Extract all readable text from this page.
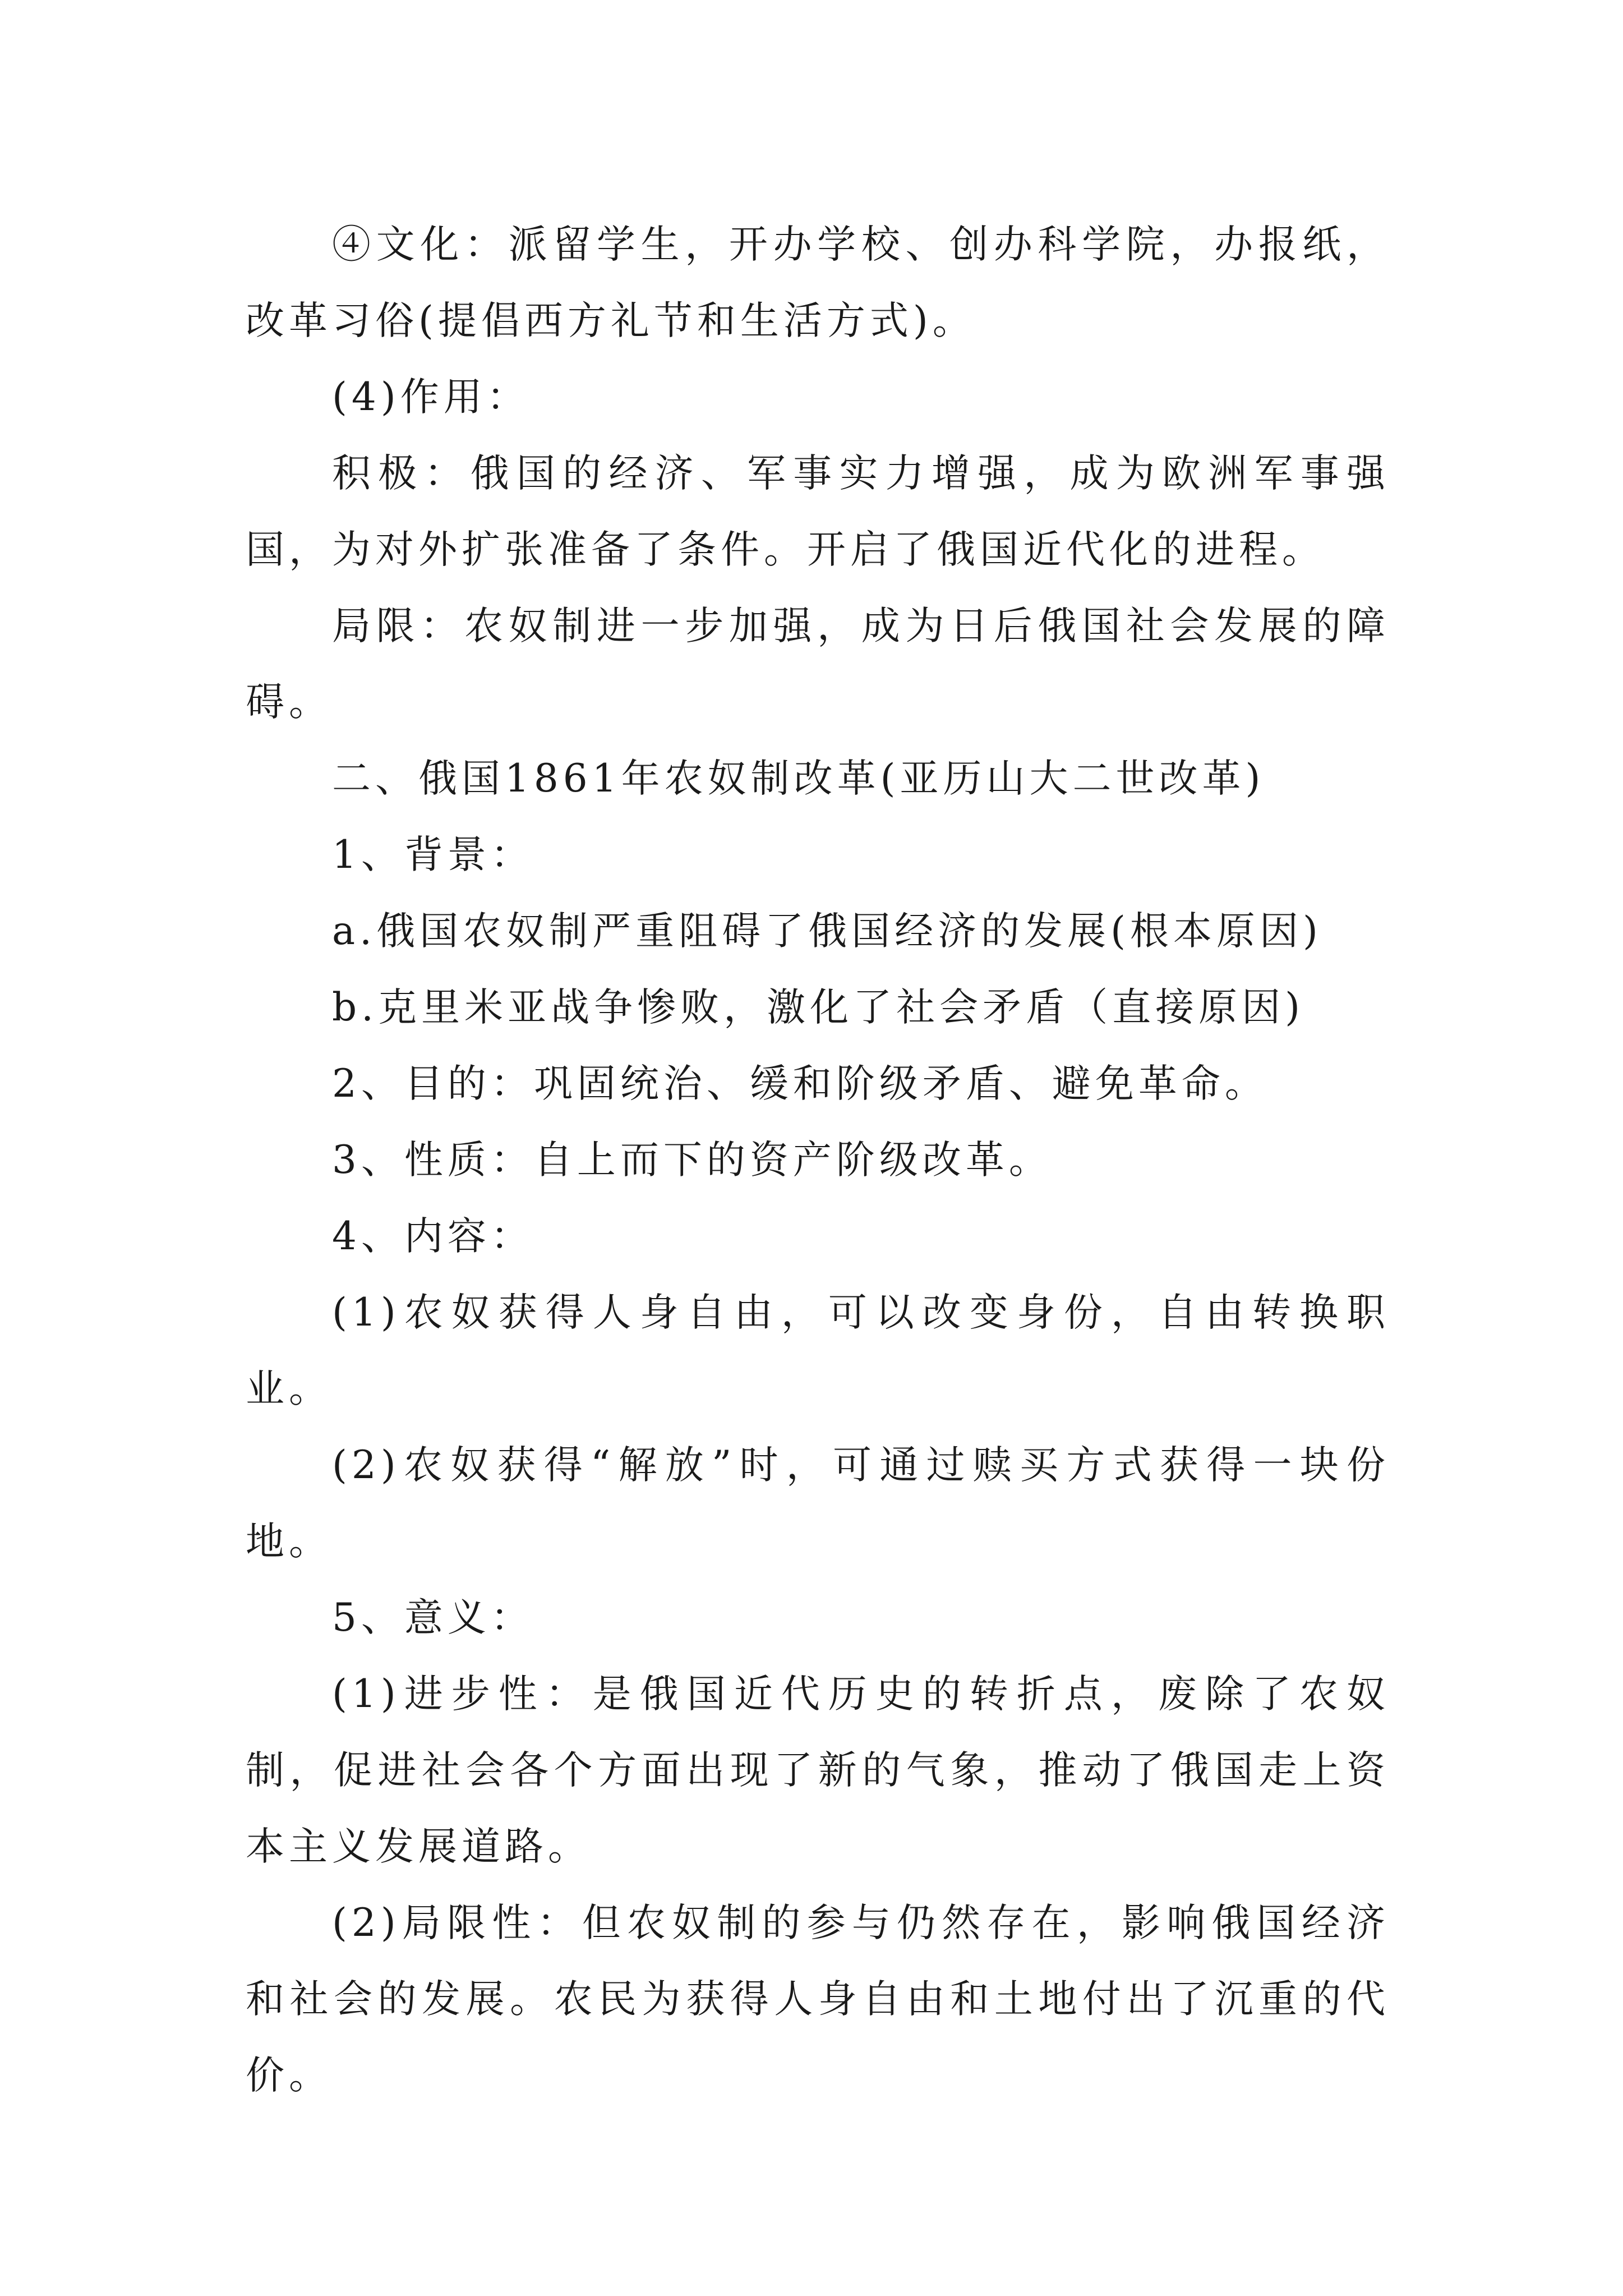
④文化：派留学生，开办学校、创办科学院，办报纸，改革习俗(提倡西方礼节和生活方式)。

(4)作用：

积极：俄国的经济、军事实力增强，成为欧洲军事强国，为对外扩张准备了条件。开启了俄国近代化的进程。

局限：农奴制进一步加强，成为日后俄国社会发展的障碍。

二、俄国1861年农奴制改革(亚历山大二世改革)

1、背景：

a.俄国农奴制严重阻碍了俄国经济的发展(根本原因)

b.克里米亚战争惨败，激化了社会矛盾（直接原因)

2、目的：巩固统治、缓和阶级矛盾、避免革命。

3、性质：自上而下的资产阶级改革。

4、内容：

(1)农奴获得人身自由，可以改变身份，自由转换职业。

(2)农奴获得“解放”时，可通过赎买方式获得一块份地。

5、意义：

(1)进步性：是俄国近代历史的转折点，废除了农奴制，促进社会各个方面出现了新的气象，推动了俄国走上资本主义发展道路。

(2)局限性：但农奴制的参与仍然存在，影响俄国经济和社会的发展。农民为获得人身自由和土地付出了沉重的代价。
